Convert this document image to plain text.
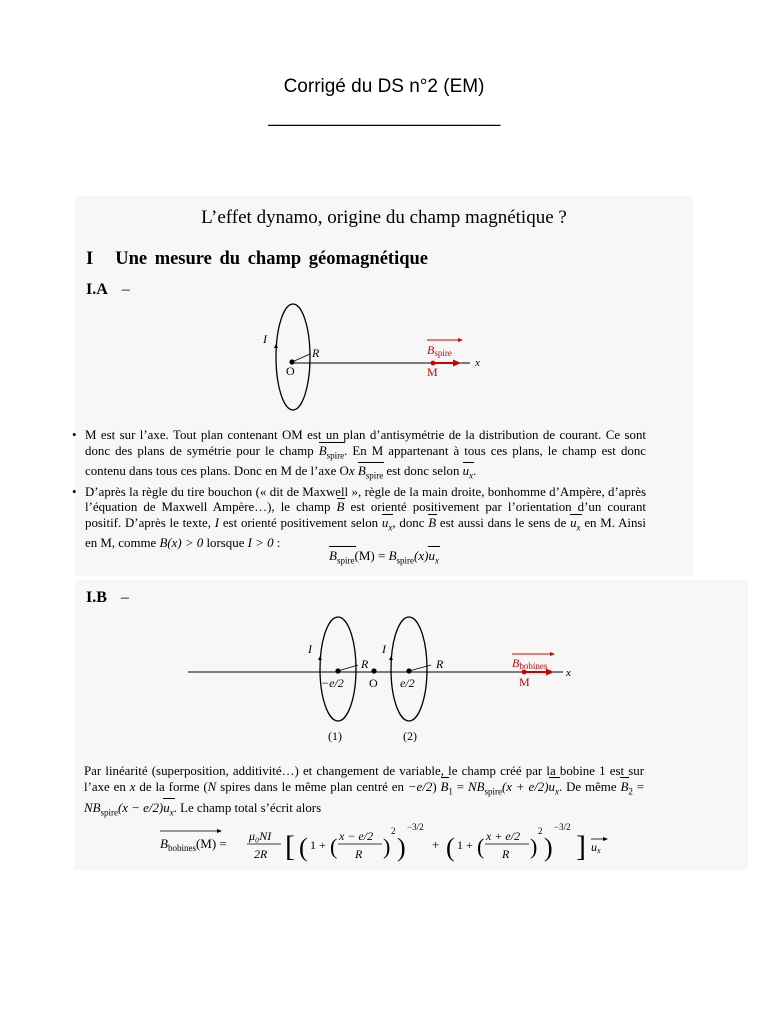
Corrigé du DS n°2 (EM)
_______________________
L’effet dynamo, origine du champ magnétique ?
I Une mesure du champ géomagnétique
I.A –
I
R
O
Bspire
M
x
• M est sur l’axe. Tout plan contenant OM est un plan d’antisymétrie de la distribution de courant. Ce sont donc des plans de symétrie pour le champ $B_{spire}$. En M appartenant à tous ces plans, le champ est donc contenu dans tous ces plans. Donc en M de l’axe Ox $B_{spire}$ est donc selon $u_x$.
• D’après la règle du tire bouchon (« dit de Maxwell », règle de la main droite, bonhomme d’Ampère, d’après l’équation de Maxwell Ampère…), le champ B est orienté positivement par l’orientation d’un courant positif. D’après le texte, I est orienté positivement selon $u_x$, donc B est aussi dans le sens de $u_x$ en M. Ainsi en M, comme B(x) > 0 lorsque I > 0 :
$B_{spire}(M) = B_{spire}(x)u_x$
I.B –
I	I
R	R
−e/2 O e/2
Bbobines
M
x
(1)	(2)

Par linéarité (superposition, additivité…) et changement de variable, le champ créé par la bobine 1 est sur l’axe en x de la forme (N spires dans le même plan centré en −e/2) $B_1 = NB_{spire}(x + e/2)u_x$. De même $B_2 = NB_{spire}(x - e/2)u_x$. Le champ total s’écrit alors

$B_{bobines}(M) = \mu_0NI$
2R [ ( 1 + ( x − e/2
R )
2
)
−3/2
+ ( 1 + ( x + e/2
R )
2
)
−3/2
] ux
